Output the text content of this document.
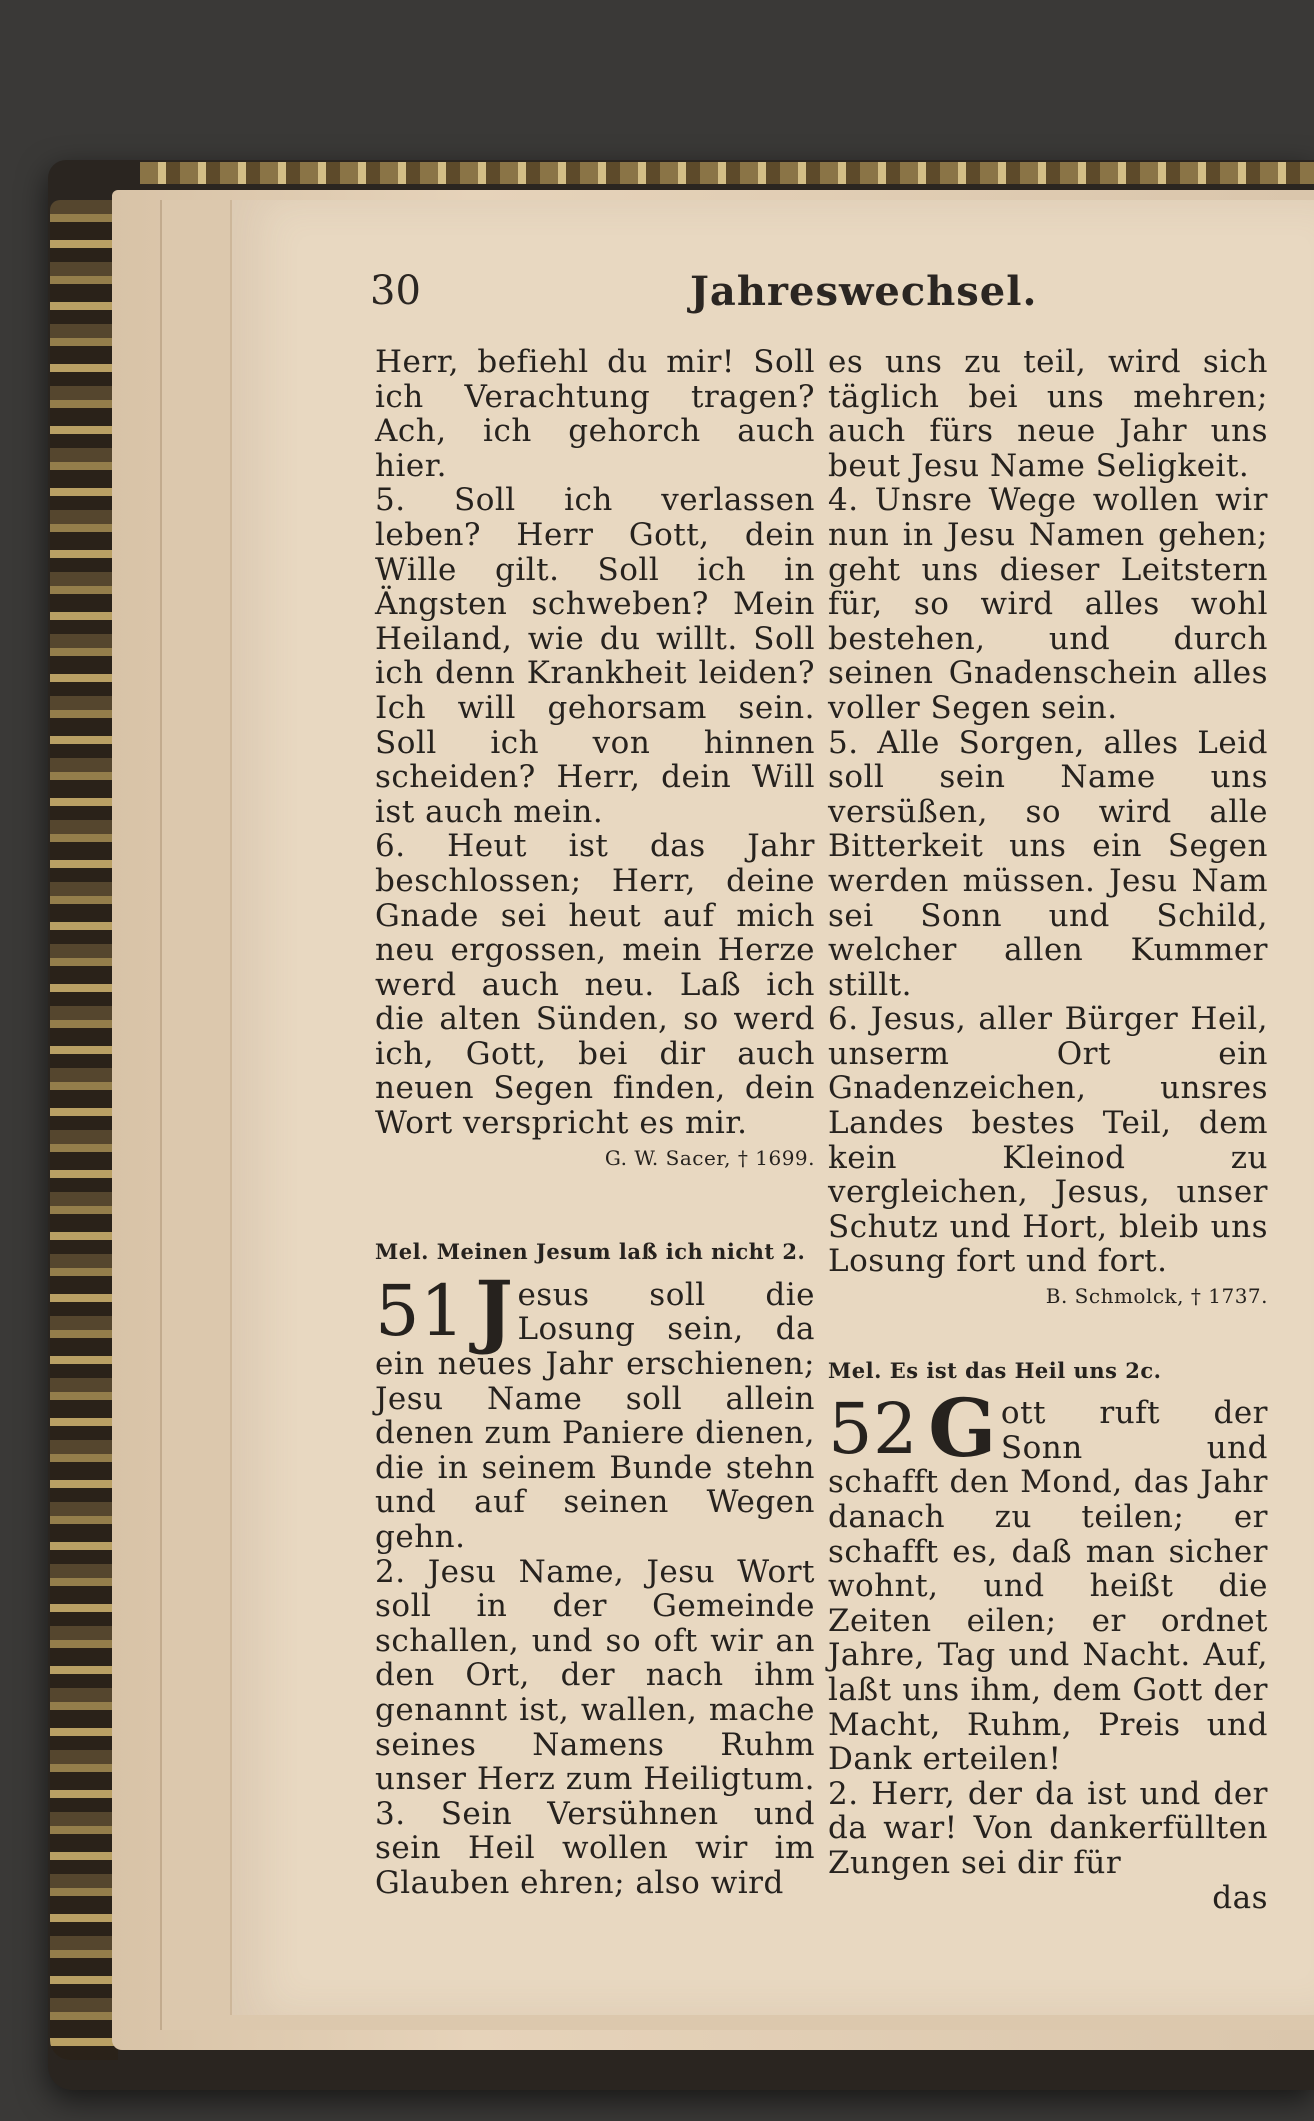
30	Jahreswechsel.

Herr, befiehl du mir! Soll ich Verachtung tragen? Ach, ich gehorch auch hier.

5. Soll ich verlassen leben? Herr Gott, dein Wille gilt. Soll ich in Ängsten schweben? Mein Heiland, wie du willt. Soll ich denn Krankheit leiden? Ich will gehorsam sein. Soll ich von hinnen scheiden? Herr, dein Will ist auch mein.

6. Heut ist das Jahr beschlossen; Herr, deine Gnade sei heut auf mich neu ergossen, mein Herze werd auch neu. Laß ich die alten Sünden, so werd ich, Gott, bei dir auch neuen Segen finden, dein Wort verspricht es mir.

G. W. Sacer, † 1699.
Mel. Meinen Jesum laß ich nicht 2.
51 J esus soll die Losung sein, da ein neues Jahr erschienen; Jesu Name soll allein denen zum Paniere dienen, die in seinem Bunde stehn und auf seinen Wegen gehn.

2. Jesu Name, Jesu Wort soll in der Gemeinde schallen, und so oft wir an den Ort, der nach ihm genannt ist, wallen, mache seines Namens Ruhm unser Herz zum Heiligtum.

3. Sein Versühnen und sein Heil wollen wir im Glauben ehren; also wird

es uns zu teil, wird sich täglich bei uns mehren; auch fürs neue Jahr uns beut Jesu Name Seligkeit.

4. Unsre Wege wollen wir nun in Jesu Namen gehen; geht uns dieser Leitstern für, so wird alles wohl bestehen, und durch seinen Gnadenschein alles voller Segen sein.

5. Alle Sorgen, alles Leid soll sein Name uns versüßen, so wird alle Bitterkeit uns ein Segen werden müssen. Jesu Nam sei Sonn und Schild, welcher allen Kummer stillt.

6. Jesus, aller Bürger Heil, unserm Ort ein Gnadenzeichen, unsres Landes bestes Teil, dem kein Kleinod zu vergleichen, Jesus, unser Schutz und Hort, bleib uns Losung fort und fort.

B. Schmolck, † 1737.
Mel. Es ist das Heil uns 2c.
52 G ott ruft der Sonn und schafft den Mond, das Jahr danach zu teilen; er schafft es, daß man sicher wohnt, und heißt die Zeiten eilen; er ordnet Jahre, Tag und Nacht. Auf, laßt uns ihm, dem Gott der Macht, Ruhm, Preis und Dank erteilen!

2. Herr, der da ist und der da war! Von dankerfüllten Zungen sei dir für

das
